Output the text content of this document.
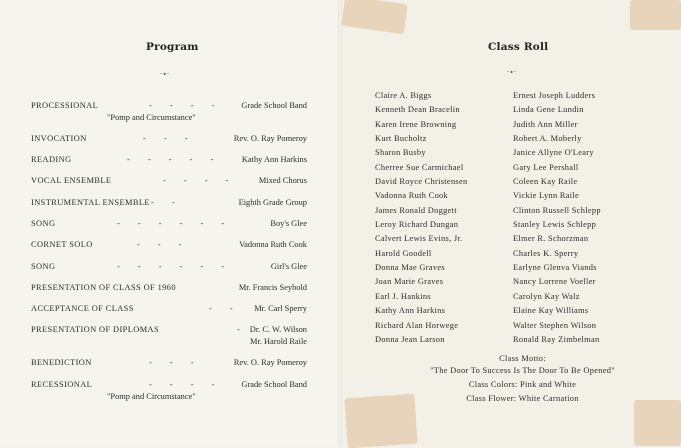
Program
·⬩·
PROCESSIONAL	- - - - Grade School Band
"Pomp and Circumstance"
INVOCATION	- - -	Rev. O. Ray Pomeroy
READING	- - - - - Kathy Ann Harkins
VOCAL ENSEMBLE	- - - -	Mixed Chorus
INSTRUMENTAL ENSEMBLE - -	Eighth Grade Group
SONG	- - - - - -	Boy's Glee
CORNET SOLO	- - -	Vadonna Ruth Cook
SONG	- - - - - -	Girl's Glee
PRESENTATION OF CLASS OF 1960	Mr. Francis Seybold
ACCEPTANCE OF CLASS	- - Mr. Carl Sperry
PRESENTATION OF DIPLOMAS	- Dr. C. W. Wilson
Mr. Harold Raile
BENEDICTION	- - -	Rev. O. Ray Pomeroy
RECESSIONAL	- - - - Grade School Band
"Pomp and Circumstance"
Class Roll
·⬩·
Claire A. Biggs
Kenneth Dean Bracelin
Karen Irene Browning
Kurt Bucholtz
Sharon Busby
Cherree Sue Carmichael
David Royce Christensen
Vadonna Ruth Cook
James Ronald Doggett
Leroy Richard Dungan
Calvert Lewis Evins, Jr.
Harold Goodell
Donna Mae Graves
Joan Marie Graves
Earl J. Hankins
Kathy Ann Harkins
Richard Alan Horwege
Donna Jean Larson
Ernest Joseph Ludders
Linda Gene Lundin
Judith Ann Miller
Robert A. Moberly
Janice Allyne O'Leary
Gary Lee Pershall
Coleen Kay Raile
Vickie Lynn Raile
Clinton Russell Schlepp
Stanley Lewis Schlepp
Elmer R. Schorzman
Charles K. Sperry
Earlyne Glenva Viands
Nancy Lorrene Voeller
Carolyn Kay Walz
Elaine Kay Williams
Walter Stephen Wilson
Ronald Ray Zimbelman
Class Motto:
"The Door To Success Is The Door To Be Opened"
Class Colors: Pink and White
Class Flower: White Carnation
